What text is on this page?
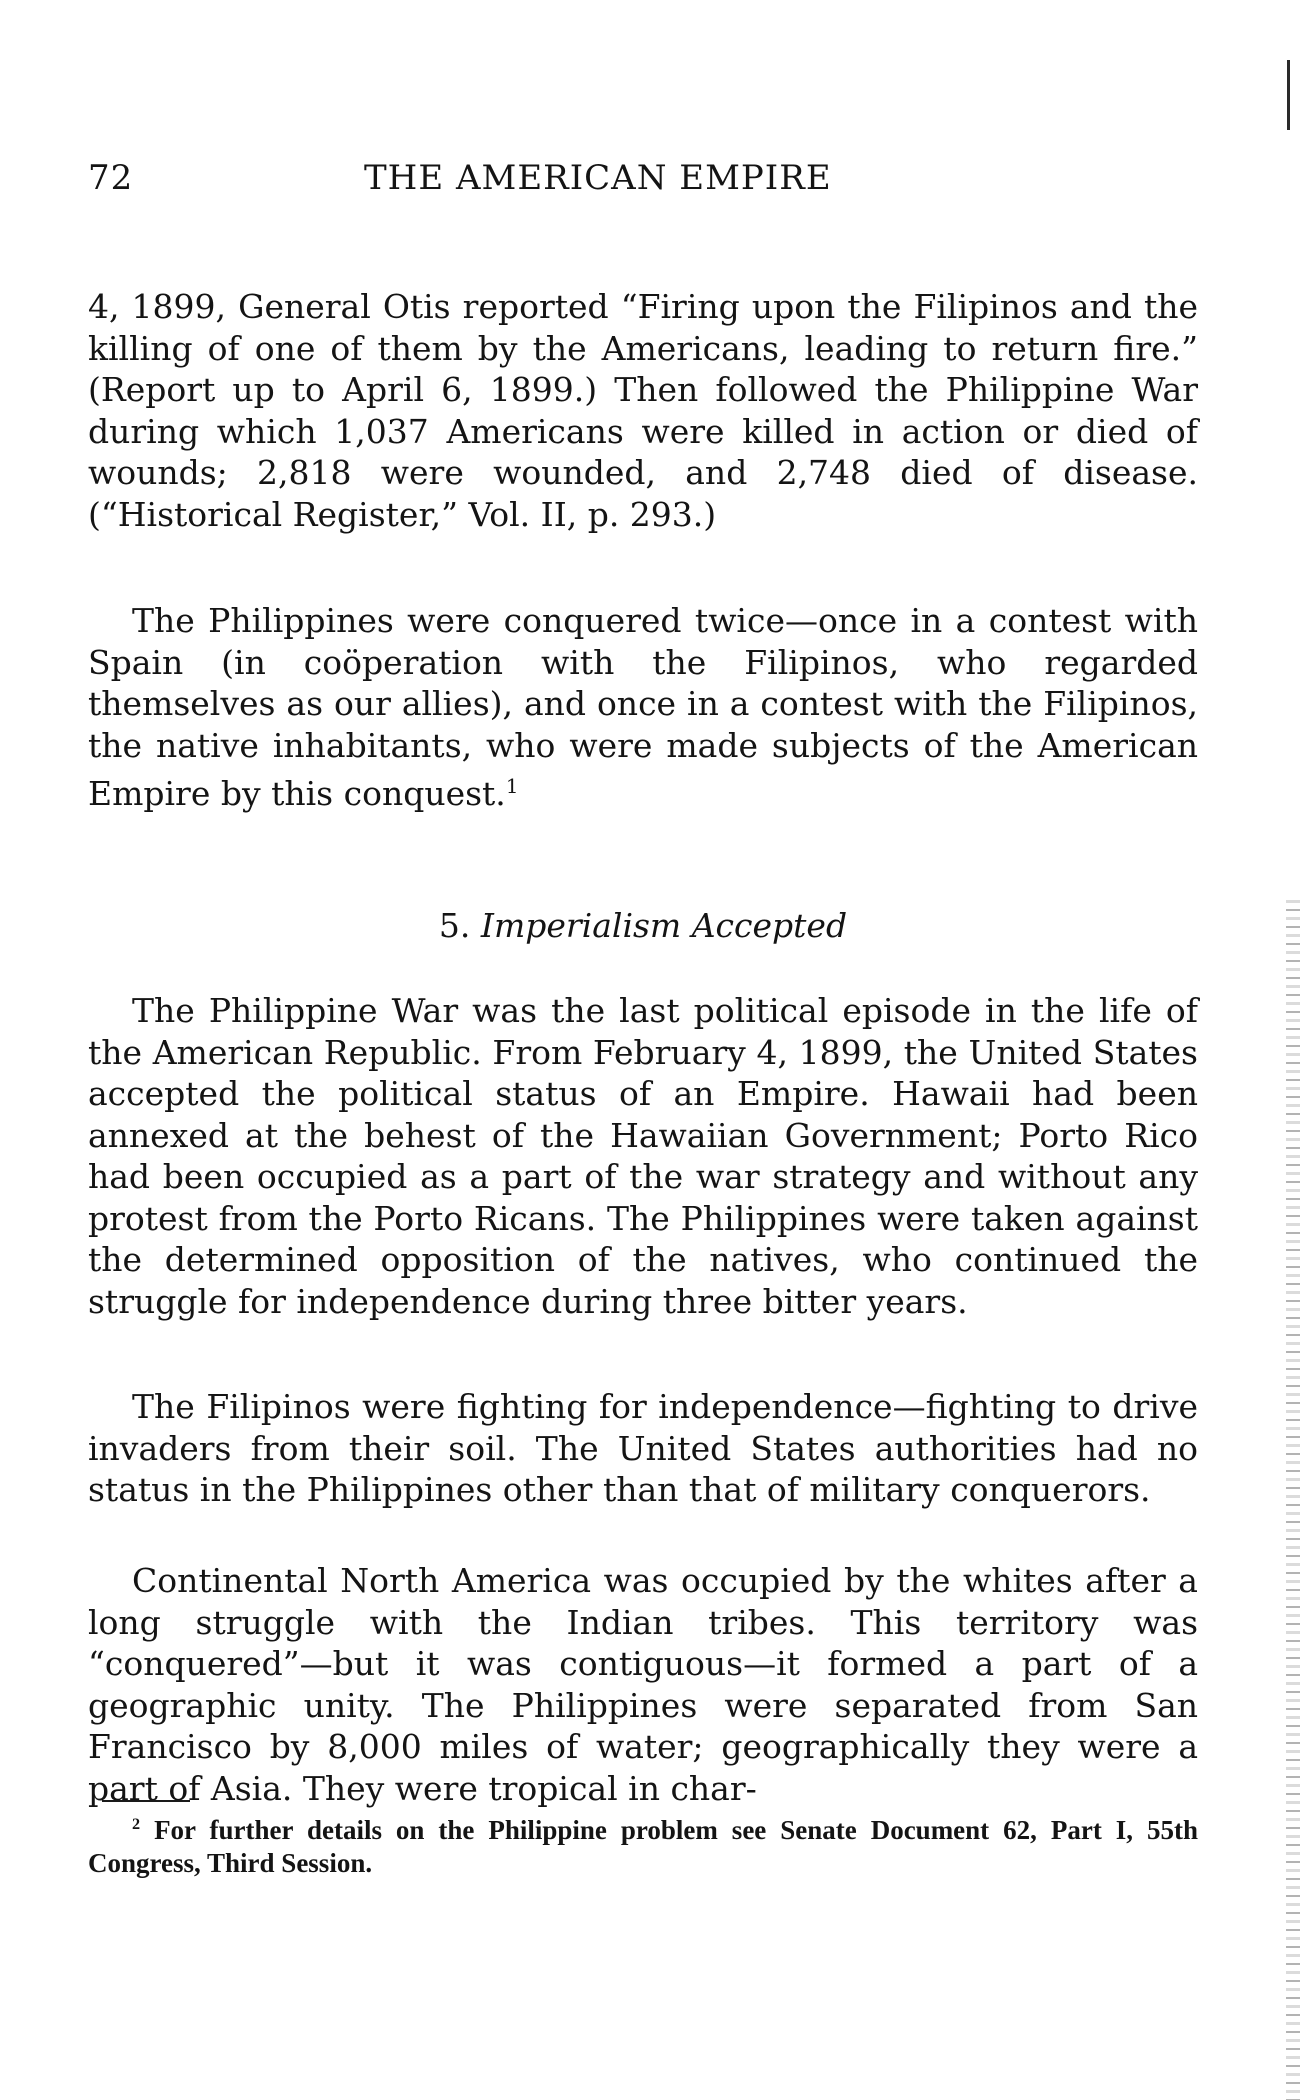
72	THE AMERICAN EMPIRE

4, 1899, General Otis reported “Firing upon the Filipinos and the killing of one of them by the Americans, leading to return fire.” (Report up to April 6, 1899.) Then followed the Philippine War during which 1,037 Americans were killed in action or died of wounds; 2,818 were wounded, and 2,748 died of disease. (“Historical Register,” Vol. II, p. 293.)

The Philippines were conquered twice—once in a contest with Spain (in coöperation with the Filipinos, who regarded themselves as our allies), and once in a contest with the Filipinos, the native inhabitants, who were made subjects of the American Empire by this conquest.$^1$

5. Imperialism Accepted

The Philippine War was the last political episode in the life of the American Republic. From February 4, 1899, the United States accepted the political status of an Empire. Hawaii had been annexed at the behest of the Hawaiian Government; Porto Rico had been occupied as a part of the war strategy and without any protest from the Porto Ricans. The Philippines were taken against the determined opposition of the natives, who continued the struggle for independence during three bitter years.

The Filipinos were fighting for independence—fighting to drive invaders from their soil. The United States authorities had no status in the Philippines other than that of military conquerors.

Continental North America was occupied by the whites after a long struggle with the Indian tribes. This territory was “conquered”—but it was contiguous—it formed a part of a geographic unity. The Philippines were separated from San Francisco by 8,000 miles of water; geographically they were a part of Asia. They were tropical in char-

$^2$ For further details on the Philippine problem see Senate Document 62, Part I, 55th Congress, Third Session.
